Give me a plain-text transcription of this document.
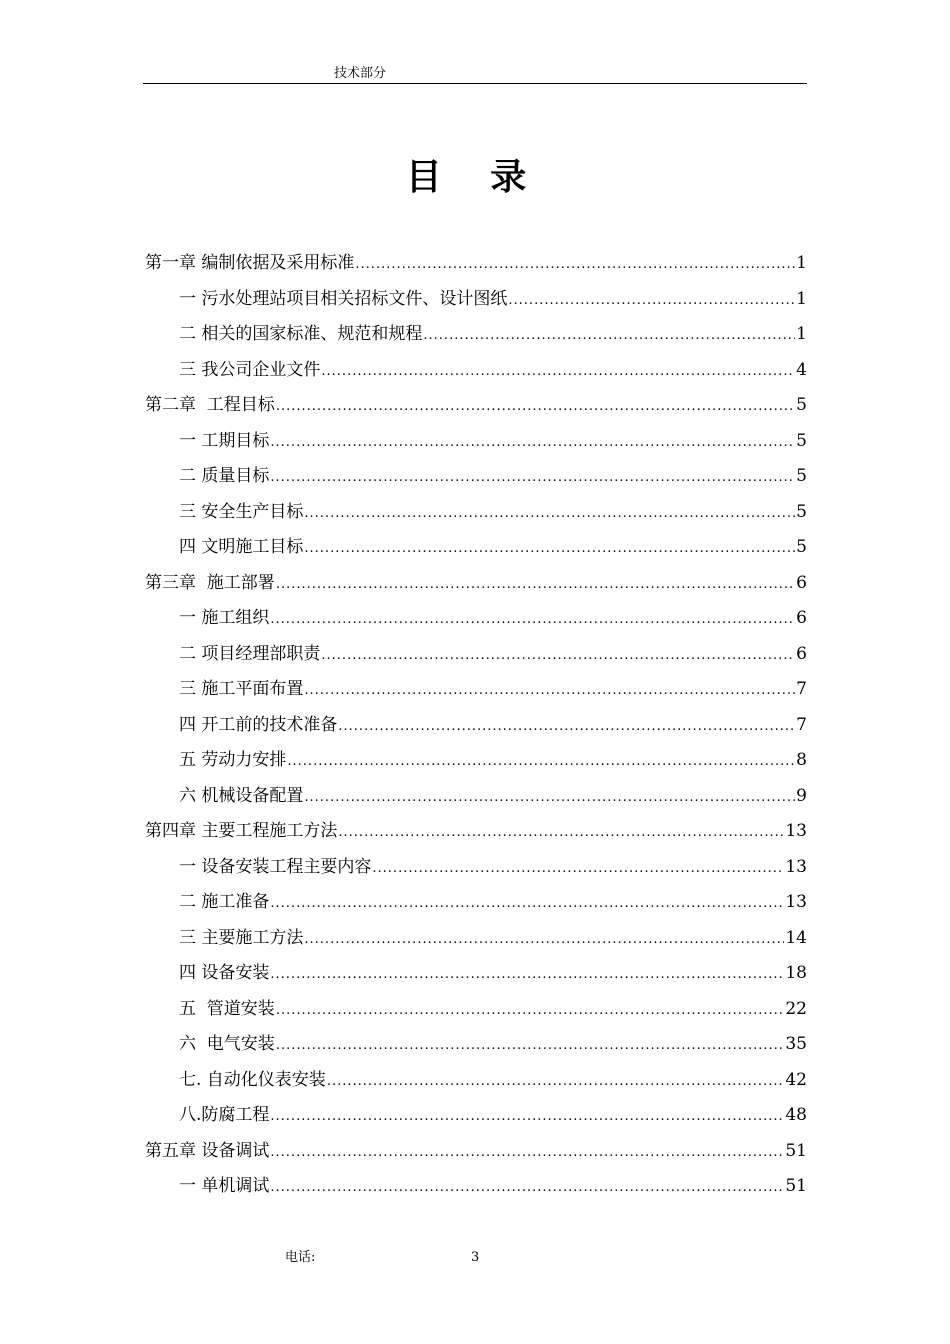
技术部分
目 录
第一章 编制依据及采用标准 .....	1
一 污水处理站项目相关招标文件、设计图纸 .....	1
二 相关的国家标准、规范和规程 .....	1
三 我公司企业文件 .....	4
第二章  工程目标 .....	5
一 工期目标 .....	5
二 质量目标 .....	5
三 安全生产目标 .....	5
四 文明施工目标 .....	5
第三章  施工部署 .....	6
一 施工组织 .....	6
二 项目经理部职责 .....	6
三 施工平面布置 .....	7
四 开工前的技术准备 .....	7
五 劳动力安排 .....	8
六 机械设备配置 .....	9
第四章 主要工程施工方法 .....	13
一 设备安装工程主要内容 .....	13
二 施工准备 .....	13
三 主要施工方法 .....	14
四 设备安装 .....	18
五  管道安装 .....	22
六  电气安装 .....	35
七. 自动化仪表安装 .....	42
八.防腐工程 .....	48
第五章 设备调试 .....	51
一 单机调试 .....	51
电话:	3
